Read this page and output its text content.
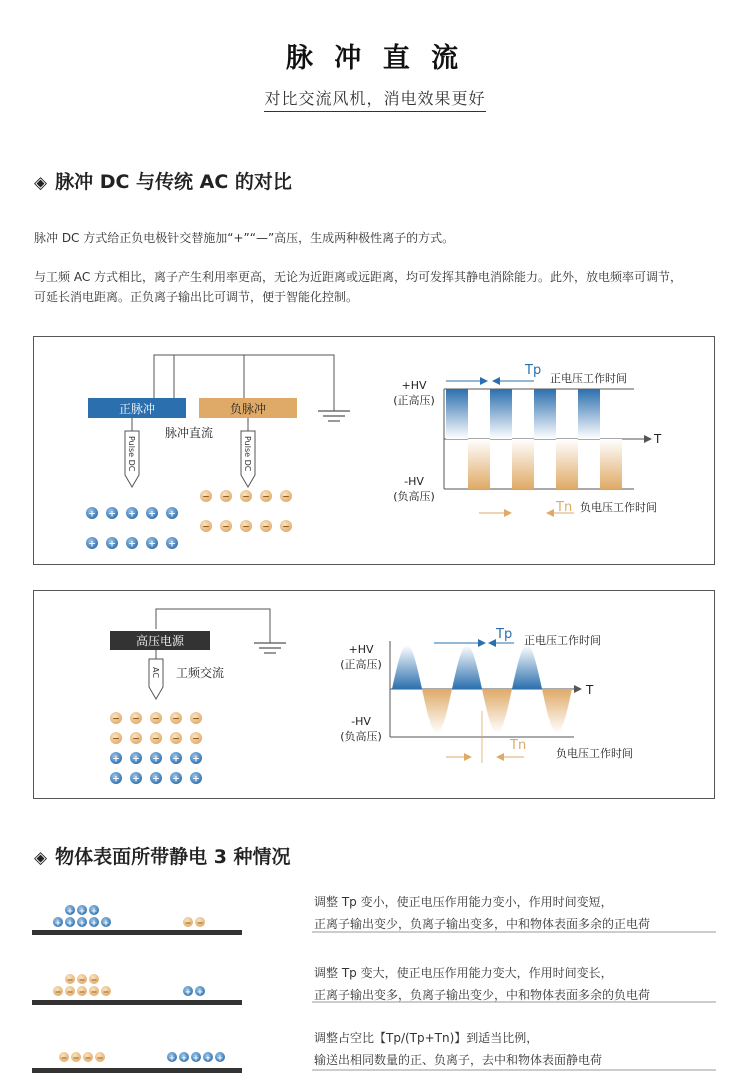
脉 冲 直 流
对比交流风机，消电效果更好
◈ 脉冲 DC 与传统 AC 的对比
脉冲 DC 方式给正负电极针交替施加“+”“—”高压，生成两种极性离子的方式。
与工频 AC 方式相比，离子产生利用率更高，无论为近距离或远距离，均可发挥其静电消除能力。此外，放电频率可调节，
可延长消电距离。正负离子输出比可调节，便于智能化控制。
正脉冲	负脉冲
脉冲直流
Pulse DC	Pulse DC
+ + + + +
+ + + + +
− − − − −
− − − − −
T
+HV
(正高压)
-HV
(负高压)
Tp
正电压工作时间
Tn 负电压工作时间
高压电源
AC 工频交流
− − − − −
− − − − −
+ + + + +
+ + + + +
T
+HV
(正高压)
-HV
(负高压)
Tp 正电压工作时间
Tn
负电压工作时间
◈ 物体表面所带静电 3 种情况
+ + + + +
+ + +
− −
− − − − −
− − −
+ +
− − − −	+ + + + +
调整 Tp 变小，使正电压作用能力变小，作用时间变短，
正离子输出变少，负离子输出变多，中和物体表面多余的正电荷
调整 Tp 变大，使正电压作用能力变大，作用时间变长，
正离子输出变多，负离子输出变少，中和物体表面多余的负电荷
调整占空比【Tp/(Tp+Tn)】到适当比例，
输送出相同数量的正、负离子，去中和物体表面静电荷
